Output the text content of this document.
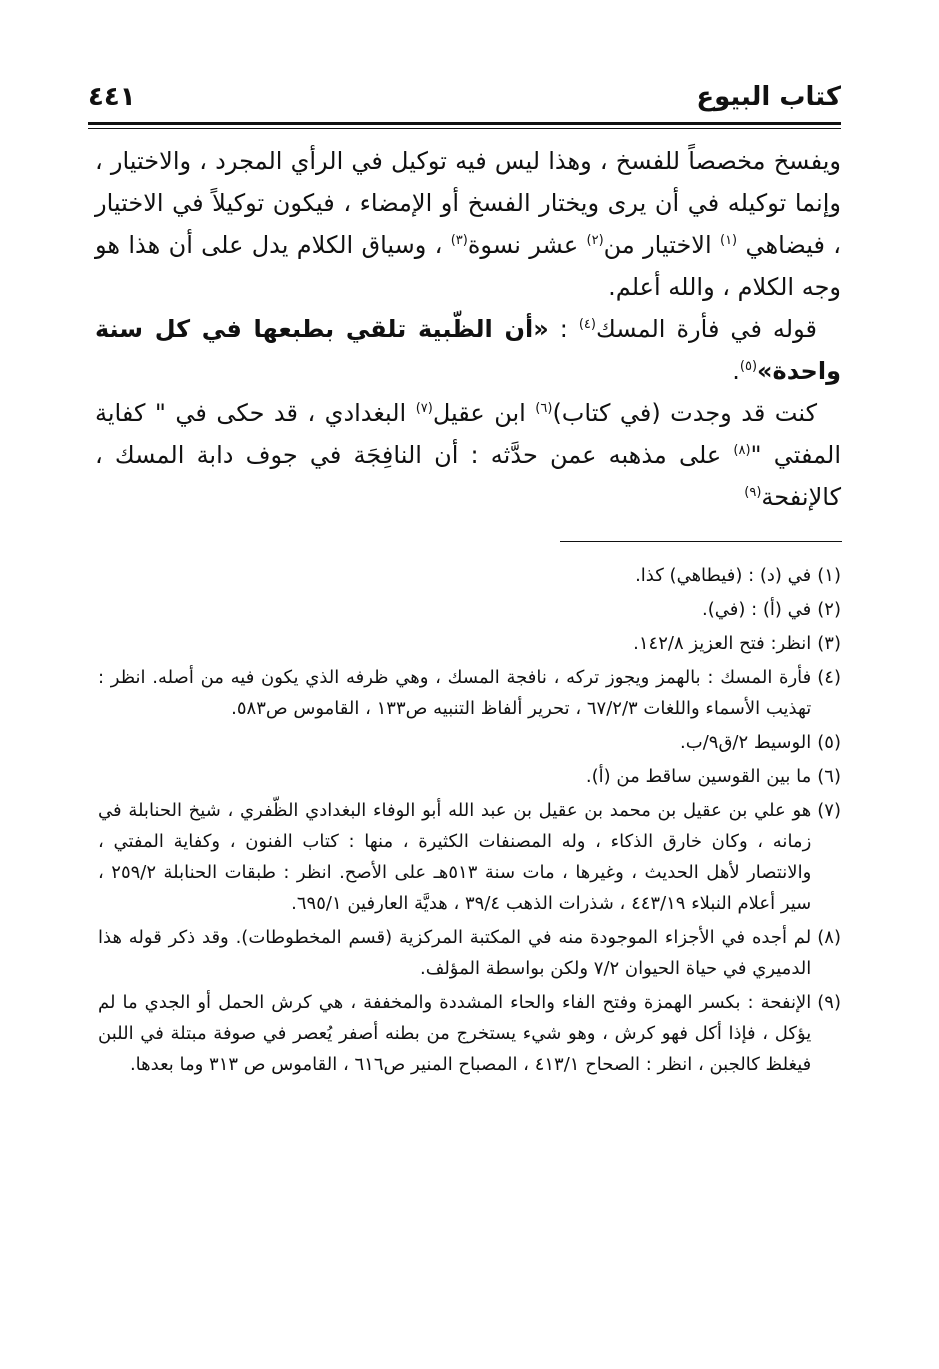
كتاب البيوع
٤٤١

ويفسخ مخصصاً للفسخ ، وهذا ليس فيه توكيل في الرأي المجرد ، والاختيار ، وإنما توكيله في أن يرى ويختار الفسخ أو الإمضاء ، فيكون توكيلاً في الاختيار ، فيضاهي $^{(١)}$ الاختيار من$^{(٢)}$ عشر نسوة$^{(٣)}$ ، وسياق الكلام يدل على أن هذا هو وجه الكلام ، والله أعلم.

قوله في فأرة المسك$^{(٤)}$ : «أن الظّبية تلقي بطبعها في كل سنة واحدة»$^{(٥)}$.

كنت قد وجدت (في كتاب)$^{(٦)}$ ابن عقيل$^{(٧)}$ البغدادي ، قد حكى في " كفاية المفتي "$^{(٨)}$ على مذهبه عمن حدَّثه : أن النافِجَة في جوف دابة المسك ، كالإنفحة$^{(٩)}$

(١)
في (د) : (فيطاهي) كذا.
(٢)
في (أ) : (في).
(٣)
انظر: فتح العزيز ١٤٢/٨.
(٤)
فأرة المسك : بالهمز ويجوز تركه ، نافجة المسك ، وهي ظرفه الذي يكون فيه من أصله. انظر : تهذيب الأسماء واللغات ٦٧/٢/٣ ، تحرير ألفاظ التنبيه ص١٣٣ ، القاموس ص٥٨٣.
(٥)
الوسيط ٢/ق٩/ب.
(٦)
ما بين القوسين ساقط من (أ).
(٧)
هو علي بن عقيل بن محمد بن عقيل بن عبد الله أبو الوفاء البغدادي الظّفري ، شيخ الحنابلة في زمانه ، وكان خارق الذكاء ، وله المصنفات الكثيرة ، منها : كتاب الفنون ، وكفاية المفتي ، والانتصار لأهل الحديث ، وغيرها ، مات سنة ٥١٣هـ على الأصح. انظر : طبقات الحنابلة ٢٥٩/٢ ، سير أعلام النبلاء ٤٤٣/١٩ ، شذرات الذهب ٣٩/٤ ، هديَّة العارفين ٦٩٥/١.
(٨)
لم أجده في الأجزاء الموجودة منه في المكتبة المركزية (قسم المخطوطات). وقد ذكر قوله هذا الدميري في حياة الحيوان ٧/٢ ولكن بواسطة المؤلف.
(٩)
الإنفحة : بكسر الهمزة وفتح الفاء والحاء المشددة والمخففة ، هي كرش الحمل أو الجدي ما لم يؤكل ، فإذا أكل فهو كرش ، وهو شيء يستخرج من بطنه أصفر يُعصر في صوفة مبتلة في اللبن فيغلظ كالجبن ، انظر : الصحاح ٤١٣/١ ، المصباح المنير ص٦١٦ ، القاموس ص ٣١٣ وما بعدها.
